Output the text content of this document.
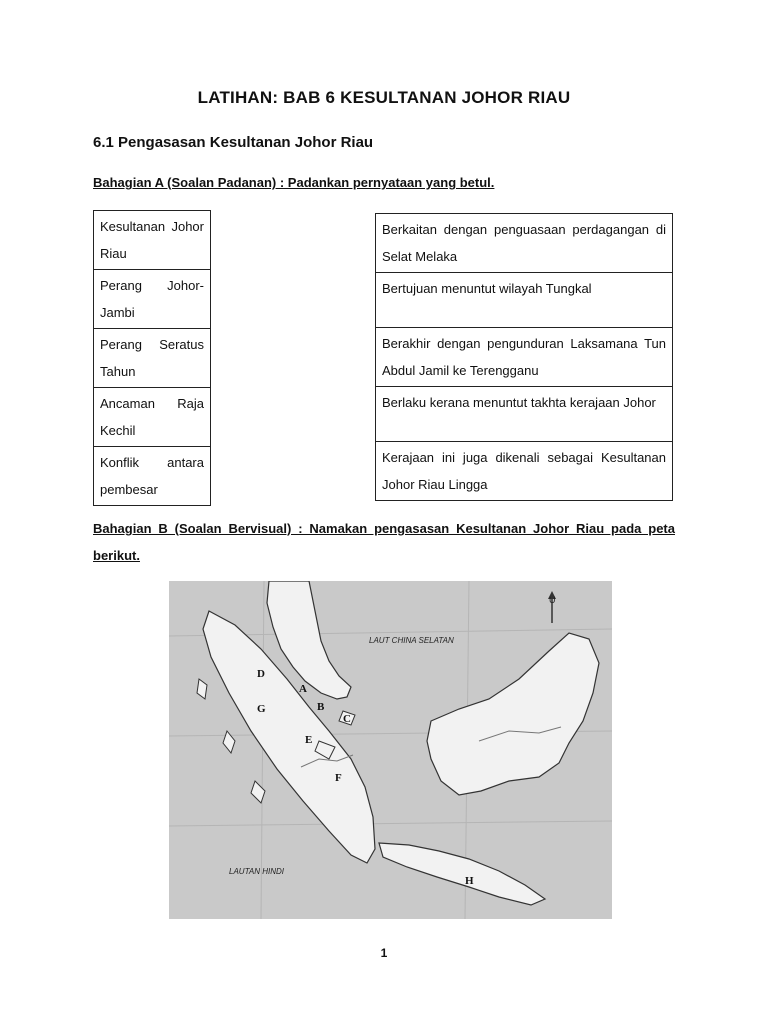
LATIHAN: BAB 6 KESULTANAN JOHOR RIAU
6.1 Pengasasan Kesultanan Johor Riau
Bahagian A (Soalan Padanan) : Padankan pernyataan yang betul.
Kesultanan Johor Riau
Perang Johor-Jambi
Perang Seratus Tahun
Ancaman Raja Kechil
Konflik antara pembesar
Berkaitan dengan penguasaan perdagangan di Selat Melaka
Bertujuan menuntut wilayah Tungkal
Berakhir dengan pengunduran Laksamana Tun Abdul Jamil ke Terengganu
Berlaku kerana menuntut takhta kerajaan Johor
Kerajaan ini juga dikenali sebagai Kesultanan Johor Riau Lingga
Bahagian B (Soalan Bervisual) : Namakan pengasasan Kesultanan Johor Riau pada peta berikut.
U
LAUT CHINA SELATAN
LAUTAN HINDI
A
B
C
D
E
F
G
H
1
